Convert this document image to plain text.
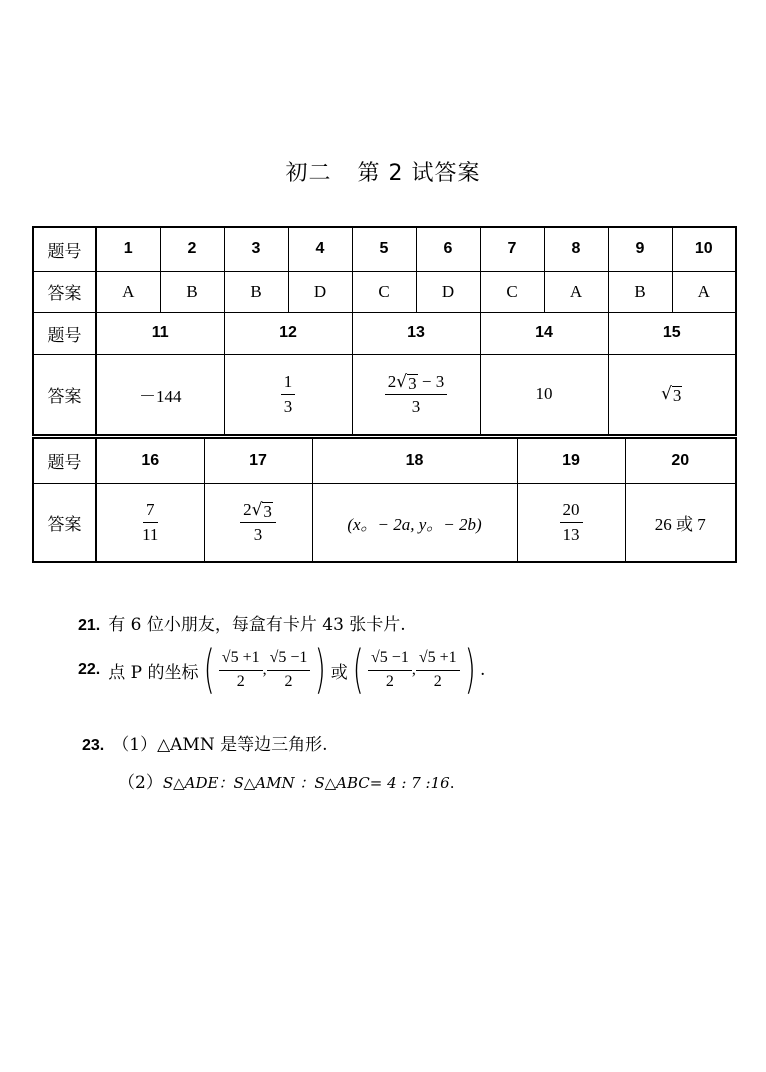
初二 第 2 试答案
题号	1	2	3	4	5	6	7	8	9	10
答案	A	B	B	D	C	D	C	A	B	A
题号	11		12		13		14		15	
答案	－144		$\frac{1}{3}$		$\frac{2 √ 3 - 3}{3}$		10		√ 3	
题号	16	17	18	19	20
答案	$\frac{7}{11}$	$\frac{2 √ 3}{3}$	(x。− 2a, y。− 2b)	$\frac{20}{13}$	26 或 7
21. 有 6 位小朋友，每盒有卡片 43 张卡片.
22. 点 P 的坐标 ( $\frac{√5 +1}{2}$ , $\frac{√5 -1}{2}$ ) 或 ( $\frac{√5 -1}{2}$ , $\frac{√5 +1}{2}$ ) .
23. （1）△AMN 是等边三角形.
（2）S△ADE：S△AMN ：S△ABC= 4 : 7 :16.
